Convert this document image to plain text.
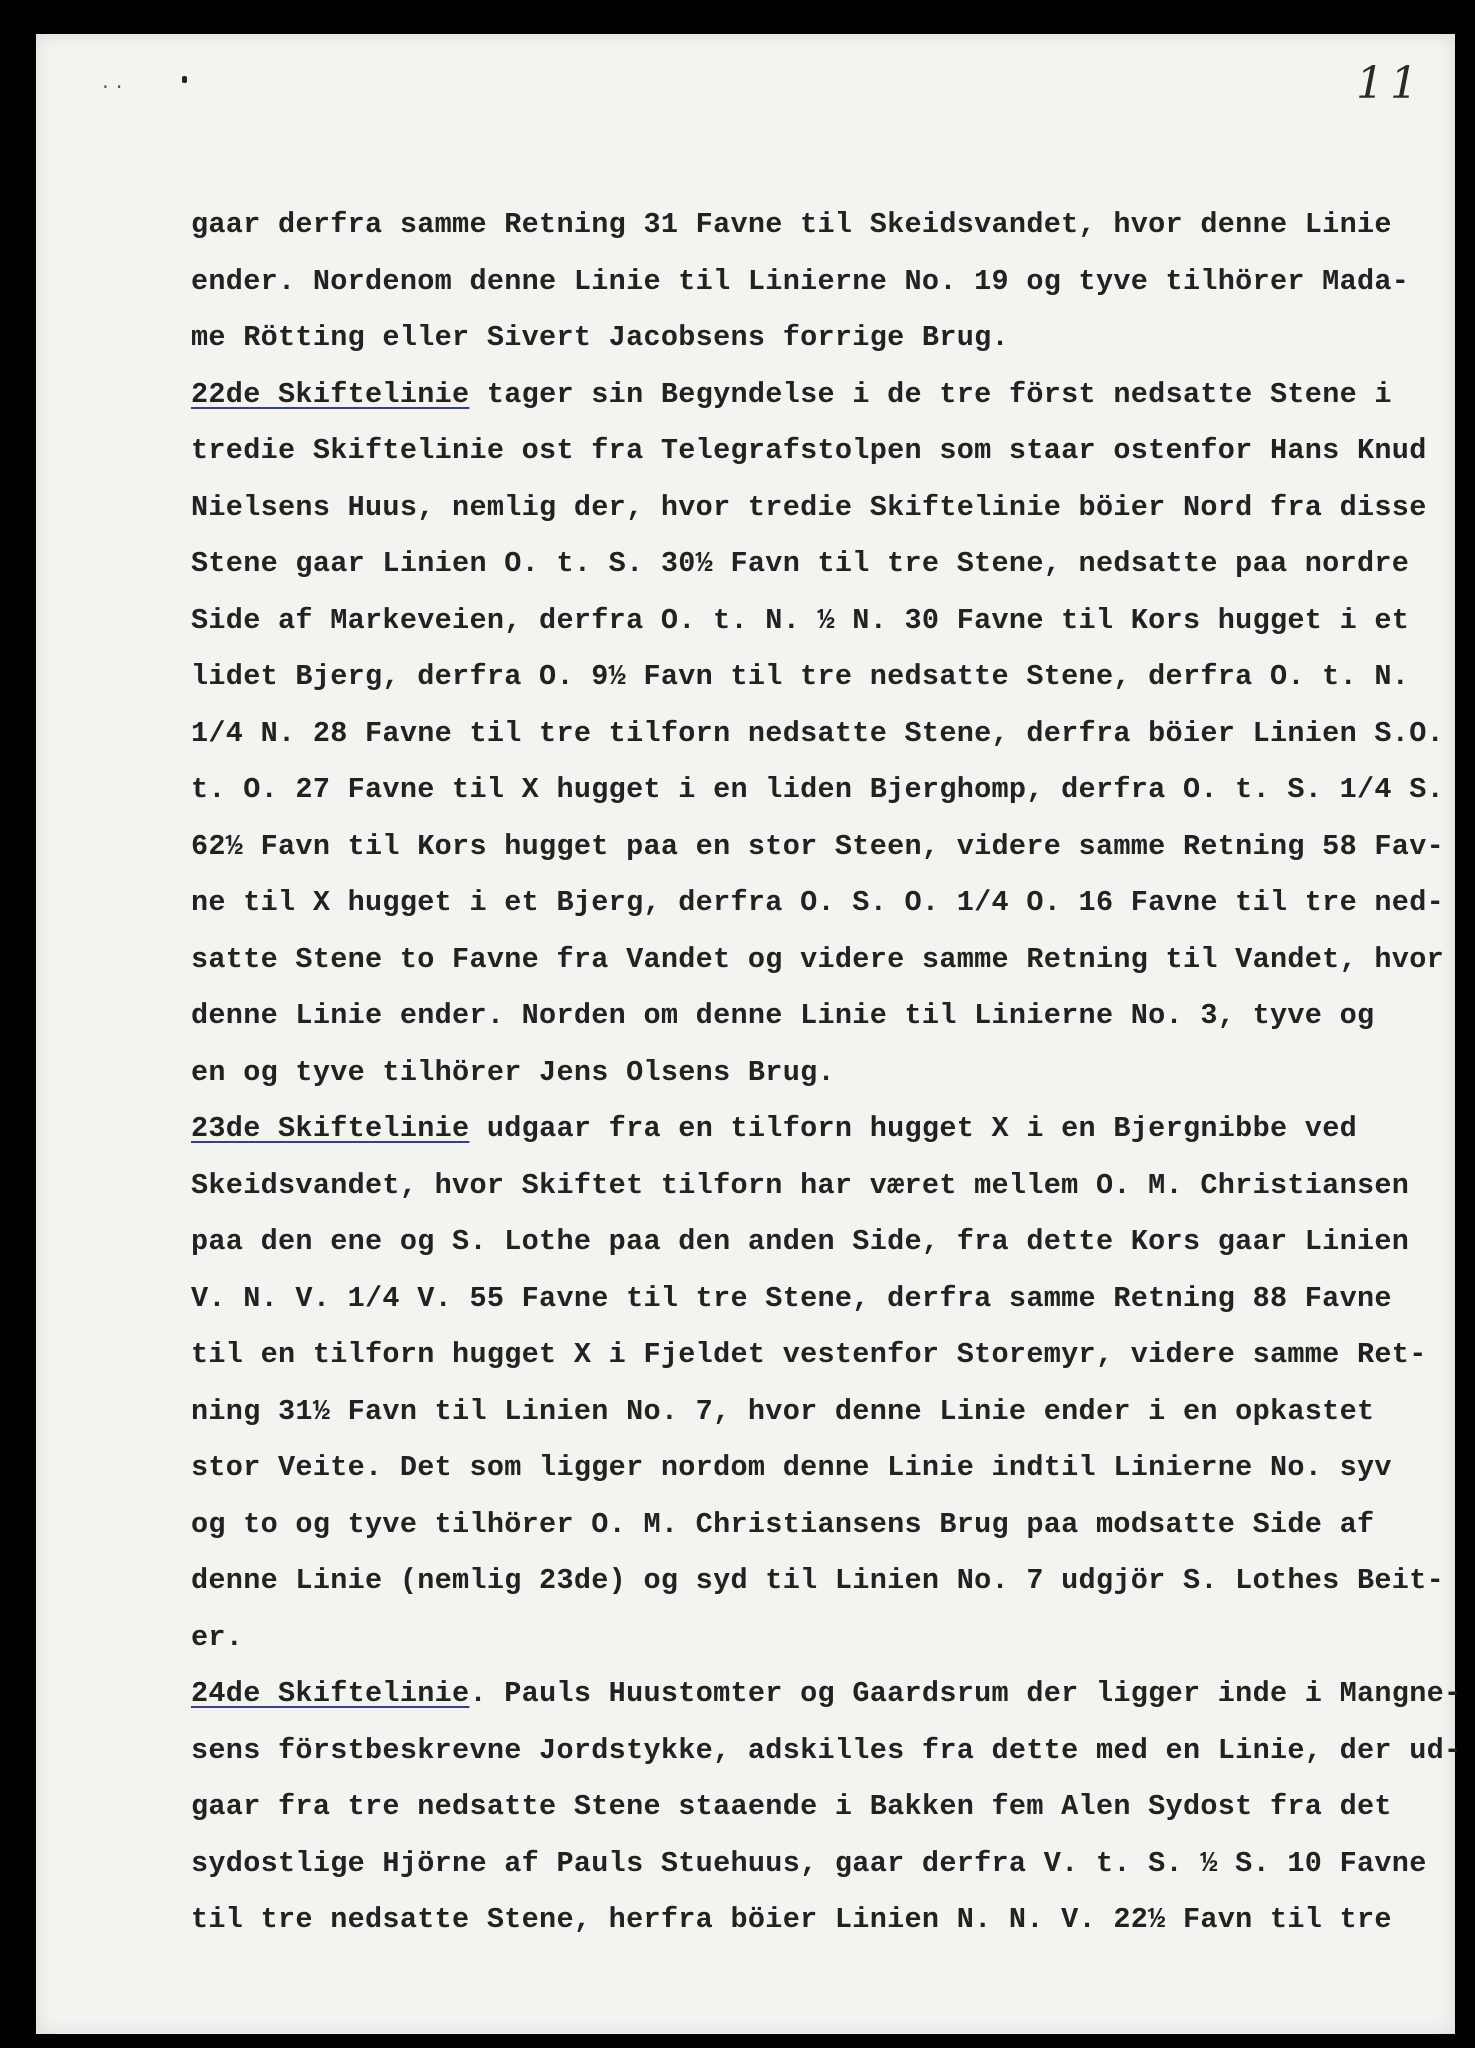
..	11
gaar derfra samme Retning 31 Favne til Skeidsvandet, hvor denne Linie
ender. Nordenom denne Linie til Linierne No. 19 og tyve tilhörer Mada-
me Rötting eller Sivert Jacobsens forrige Brug.
22de Skiftelinie tager sin Begyndelse i de tre först nedsatte Stene i
tredie Skiftelinie ost fra Telegrafstolpen som staar ostenfor Hans Knud
Nielsens Huus, nemlig der, hvor tredie Skiftelinie böier Nord fra disse
Stene gaar Linien O. t. S. 30½ Favn til tre Stene, nedsatte paa nordre
Side af Markeveien, derfra O. t. N. ½ N. 30 Favne til Kors hugget i et
lidet Bjerg, derfra O. 9½ Favn til tre nedsatte Stene, derfra O. t. N.
1/4 N. 28 Favne til tre tilforn nedsatte Stene, derfra böier Linien S.O.
t. O. 27 Favne til X hugget i en liden Bjerghomp, derfra O. t. S. 1/4 S.
62½ Favn til Kors hugget paa en stor Steen, videre samme Retning 58 Fav-
ne til X hugget i et Bjerg, derfra O. S. O. 1/4 O. 16 Favne til tre ned-
satte Stene to Favne fra Vandet og videre samme Retning til Vandet, hvor
denne Linie ender. Norden om denne Linie til Linierne No. 3, tyve og
en og tyve tilhörer Jens Olsens Brug.
23de Skiftelinie udgaar fra en tilforn hugget X i en Bjergnibbe ved
Skeidsvandet, hvor Skiftet tilforn har været mellem O. M. Christiansen
paa den ene og S. Lothe paa den anden Side, fra dette Kors gaar Linien
V. N. V. 1/4 V. 55 Favne til tre Stene, derfra samme Retning 88 Favne
til en tilforn hugget X i Fjeldet vestenfor Storemyr, videre samme Ret-
ning 31½ Favn til Linien No. 7, hvor denne Linie ender i en opkastet
stor Veite. Det som ligger nordom denne Linie indtil Linierne No. syv
og to og tyve tilhörer O. M. Christiansens Brug paa modsatte Side af
denne Linie (nemlig 23de) og syd til Linien No. 7 udgjör S. Lothes Beit-
er.
24de Skiftelinie. Pauls Huustomter og Gaardsrum der ligger inde i Mangne-
sens förstbeskrevne Jordstykke, adskilles fra dette med en Linie, der ud-
gaar fra tre nedsatte Stene staaende i Bakken fem Alen Sydost fra det
sydostlige Hjörne af Pauls Stuehuus, gaar derfra V. t. S. ½ S. 10 Favne
til tre nedsatte Stene, herfra böier Linien N. N. V. 22½ Favn til tre
